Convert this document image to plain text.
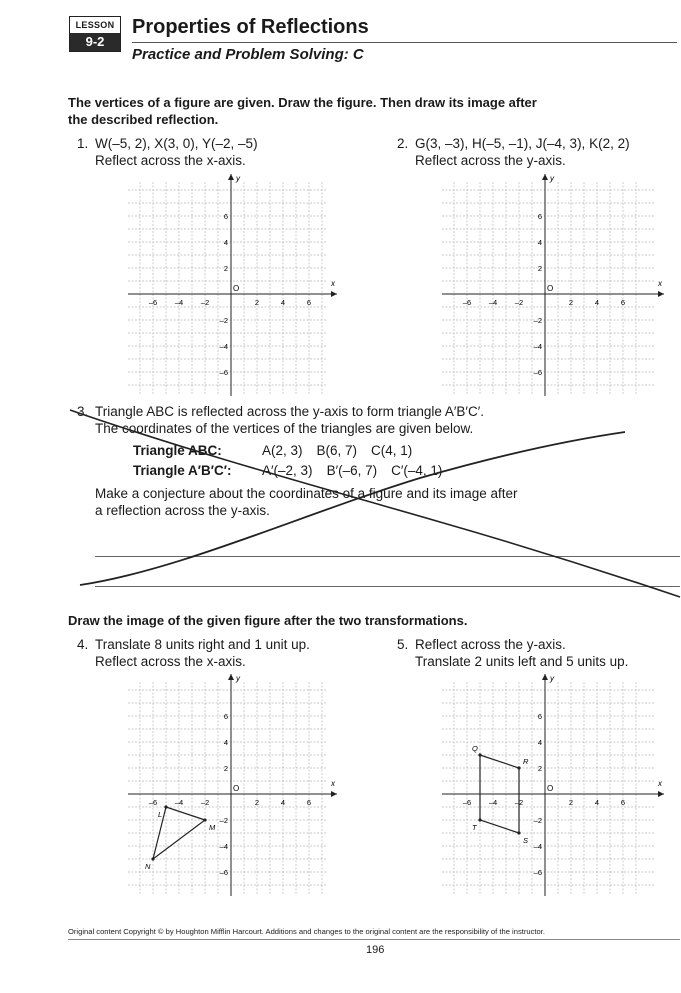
LESSON
9-2
Properties of Reflections
Practice and Problem Solving: C
The vertices of a figure are given. Draw the figure. Then draw its image after the described reflection.
1. W(–5, 2), X(3, 0), Y(–2, –5)
Reflect across the x-axis.
2. G(3, –3), H(–5, –1), J(–4, 3), K(2, 2)
Reflect across the y-axis.
x
y
O
–6 –4 –2	2	4	6
6
4
2
–2
–4
–6
x
y
O
–6 –4 –2	2	4	6
6
4
2
–2
–4
–6
3. Triangle ABC is reflected across the y-axis to form triangle A′B′C′.
The coordinates of the vertices of the triangles are given below.
Triangle ABC:	A(2, 3) B(6, 7) C(4, 1)
Triangle A′B′C′: A′(–2, 3) B′(–6, 7) C′(–4, 1)
Make a conjecture about the coordinates of a figure and its image after
a reflection across the y-axis.
Draw the image of the given figure after the two transformations.
4. Translate 8 units right and 1 unit up.
Reflect across the x-axis.
5. Reflect across the y-axis.
Translate 2 units left and 5 units up.
x
y
O
–6 –4 –2	2	4	6
6
4
2
–2
–4
–6
L
M
N
x
y
O
–6 –4 –2	2	4	6
6
4
2
–2
–4
–6
Q
R
S
T
Original content Copyright © by Houghton Mifflin Harcourt. Additions and changes to the original content are the responsibility of the instructor.
196
